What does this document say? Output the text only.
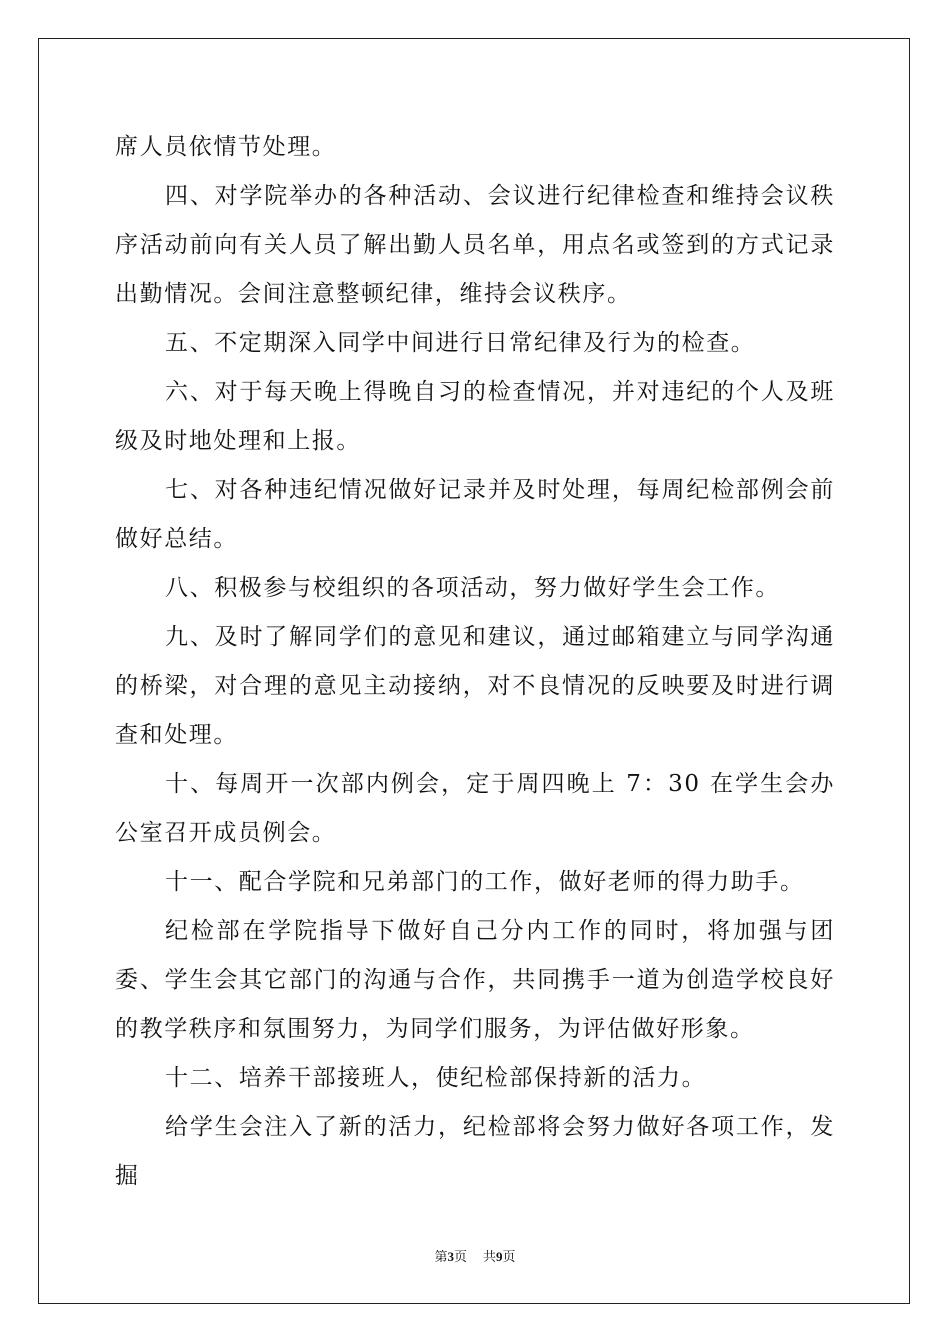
席人员依情节处理。

四、对学院举办的各种活动、会议进行纪律检查和维持会议秩序活动前向有关人员了解出勤人员名单，用点名或签到的方式记录出勤情况。会间注意整顿纪律，维持会议秩序。

五、不定期深入同学中间进行日常纪律及行为的检查。

六、对于每天晚上得晚自习的检查情况，并对违纪的个人及班级及时地处理和上报。

七、对各种违纪情况做好记录并及时处理，每周纪检部例会前做好总结。

八、积极参与校组织的各项活动，努力做好学生会工作。

九、及时了解同学们的意见和建议，通过邮箱建立与同学沟通的桥梁，对合理的意见主动接纳，对不良情况的反映要及时进行调查和处理。

十、每周开一次部内例会，定于周四晚上 7：30 在学生会办公室召开成员例会。

十一、配合学院和兄弟部门的工作，做好老师的得力助手。

纪检部在学院指导下做好自己分内工作的同时，将加强与团委、学生会其它部门的沟通与合作，共同携手一道为创造学校良好的教学秩序和氛围努力，为同学们服务，为评估做好形象。

十二、培养干部接班人，使纪检部保持新的活力。

给学生会注入了新的活力，纪检部将会努力做好各项工作，发掘

第3页 共9页
